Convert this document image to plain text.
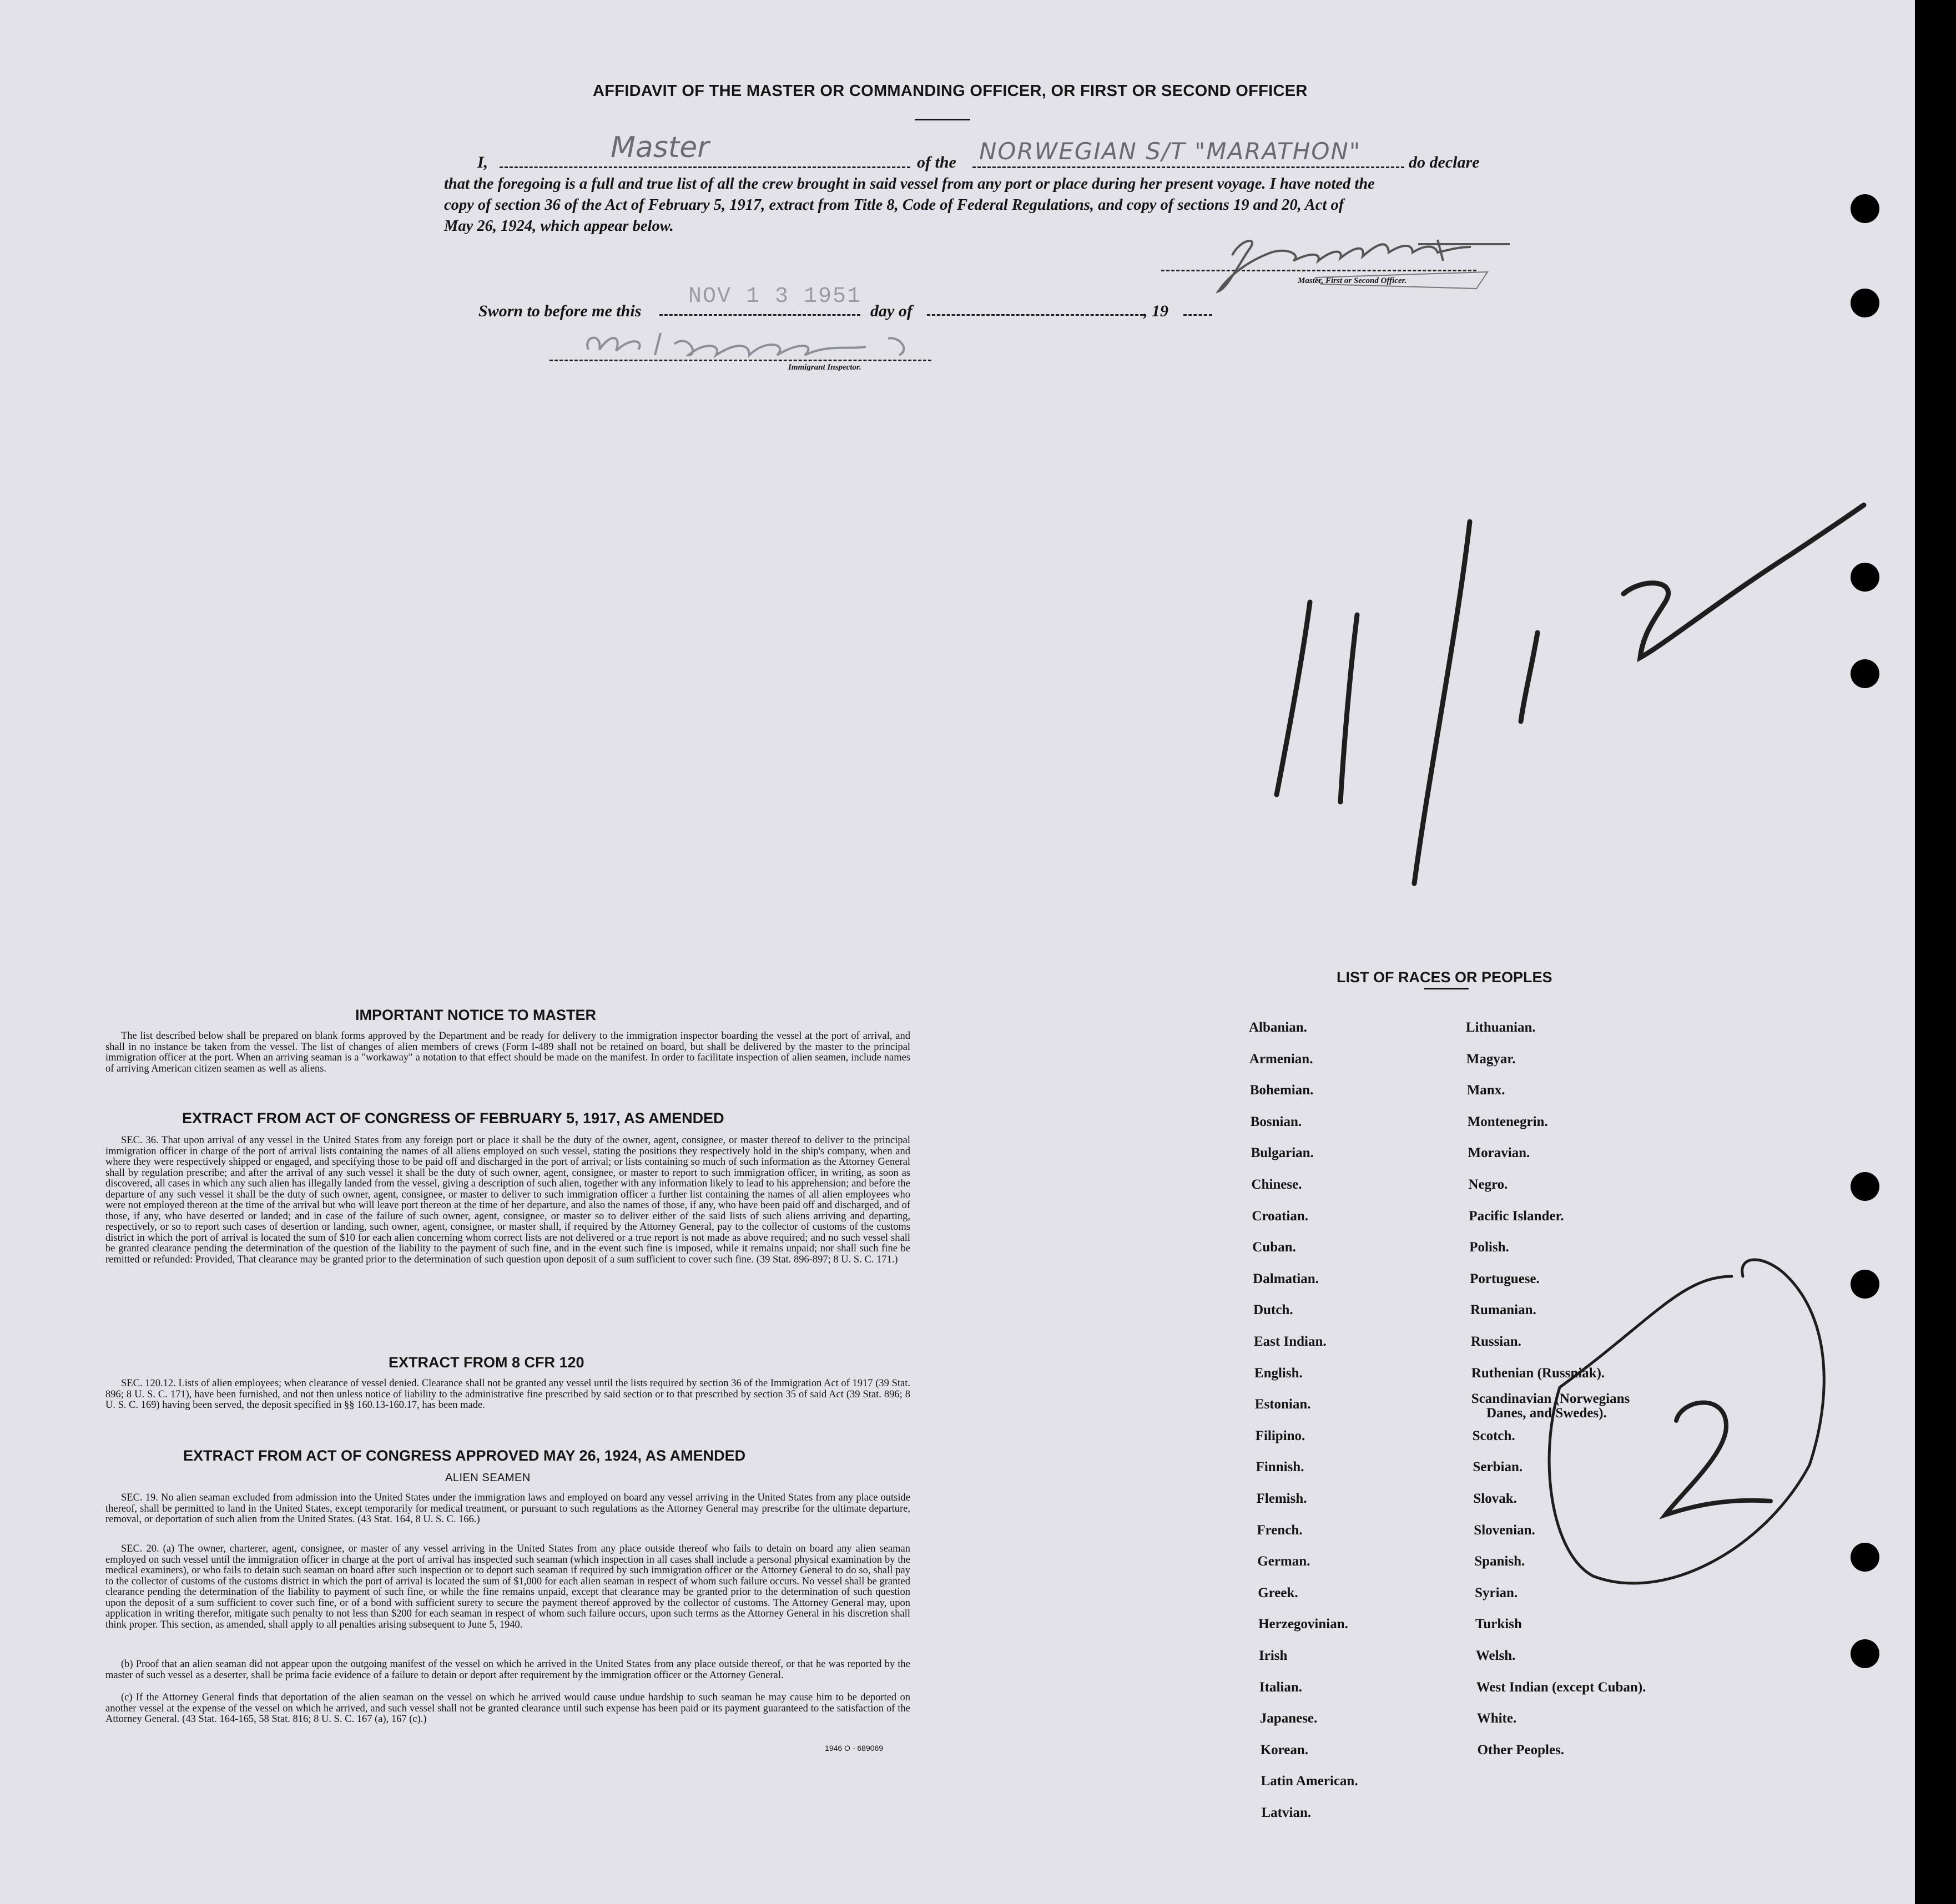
AFFIDAVIT OF THE MASTER OR COMMANDING OFFICER, OR FIRST OR SECOND OFFICER
I,	Master	of the NORWEGIAN S/T "MARATHON"	do declare
that the foregoing is a full and true list of all the crew brought in said vessel from any port or place during her present voyage. I have noted the
copy of section 36 of the Act of February 5, 1917, extract from Title 8, Code of Federal Regulations, and copy of sections 19 and 20, Act of
May 26, 1924, which appear below.
Master, First or Second Officer.
Sworn to before me this
NOV 1 3 1951
day of	, 19
Immigrant Inspector.
IMPORTANT NOTICE TO MASTER

The list described below shall be prepared on blank forms approved by the Department and be ready for delivery to the immigration inspector boarding the vessel at the port of arrival, and shall in no instance be taken from the vessel. The list of changes of alien members of crews (Form I-489 shall not be retained on board, but shall be delivered by the master to the principal immigration officer at the port. When an arriving seaman is a "workaway" a notation to that effect should be made on the manifest. In order to facilitate inspection of alien seamen, include names of arriving American citizen seamen as well as aliens.

EXTRACT FROM ACT OF CONGRESS OF FEBRUARY 5, 1917, AS AMENDED

SEC. 36. That upon arrival of any vessel in the United States from any foreign port or place it shall be the duty of the owner, agent, consignee, or master thereof to deliver to the principal immigration officer in charge of the port of arrival lists containing the names of all aliens employed on such vessel, stating the positions they respectively hold in the ship's company, when and where they were respectively shipped or engaged, and specifying those to be paid off and discharged in the port of arrival; or lists containing so much of such information as the Attorney General shall by regulation prescribe; and after the arrival of any such vessel it shall be the duty of such owner, agent, consignee, or master to report to such immigration officer, in writing, as soon as discovered, all cases in which any such alien has illegally landed from the vessel, giving a description of such alien, together with any information likely to lead to his apprehension; and before the departure of any such vessel it shall be the duty of such owner, agent, consignee, or master to deliver to such immigration officer a further list containing the names of all alien employees who were not employed thereon at the time of the arrival but who will leave port thereon at the time of her departure, and also the names of those, if any, who have been paid off and discharged, and of those, if any, who have deserted or landed; and in case of the failure of such owner, agent, consignee, or master so to deliver either of the said lists of such aliens arriving and departing, respectively, or so to report such cases of desertion or landing, such owner, agent, consignee, or master shall, if required by the Attorney General, pay to the collector of customs of the customs district in which the port of arrival is located the sum of $10 for each alien concerning whom correct lists are not delivered or a true report is not made as above required; and no such vessel shall be granted clearance pending the determination of the question of the liability to the payment of such fine, and in the event such fine is imposed, while it remains unpaid; nor shall such fine be remitted or refunded: Provided, That clearance may be granted prior to the determination of such question upon deposit of a sum sufficient to cover such fine. (39 Stat. 896-897; 8 U. S. C. 171.)

EXTRACT FROM 8 CFR 120

SEC. 120.12. Lists of alien employees; when clearance of vessel denied. Clearance shall not be granted any vessel until the lists required by section 36 of the Immigration Act of 1917 (39 Stat. 896; 8 U. S. C. 171), have been furnished, and not then unless notice of liability to the administrative fine prescribed by said section or to that prescribed by section 35 of said Act (39 Stat. 896; 8 U. S. C. 169) having been served, the deposit specified in §§ 160.13-160.17, has been made.

EXTRACT FROM ACT OF CONGRESS APPROVED MAY 26, 1924, AS AMENDED
ALIEN SEAMEN

SEC. 19. No alien seaman excluded from admission into the United States under the immigration laws and employed on board any vessel arriving in the United States from any place outside thereof, shall be permitted to land in the United States, except temporarily for medical treatment, or pursuant to such regulations as the Attorney General may prescribe for the ultimate departure, removal, or deportation of such alien from the United States. (43 Stat. 164, 8 U. S. C. 166.)

SEC. 20. (a) The owner, charterer, agent, consignee, or master of any vessel arriving in the United States from any place outside thereof who fails to detain on board any alien seaman employed on such vessel until the immigration officer in charge at the port of arrival has inspected such seaman (which inspection in all cases shall include a personal physical examination by the medical examiners), or who fails to detain such seaman on board after such inspection or to deport such seaman if required by such immigration officer or the Attorney General to do so, shall pay to the collector of customs of the customs district in which the port of arrival is located the sum of $1,000 for each alien seaman in respect of whom such failure occurs. No vessel shall be granted clearance pending the determination of the liability to payment of such fine, or while the fine remains unpaid, except that clearance may be granted prior to the determination of such question upon the deposit of a sum sufficient to cover such fine, or of a bond with sufficient surety to secure the payment thereof approved by the collector of customs. The Attorney General may, upon application in writing therefor, mitigate such penalty to not less than $200 for each seaman in respect of whom such failure occurs, upon such terms as the Attorney General in his discretion shall think proper. This section, as amended, shall apply to all penalties arising subsequent to June 5, 1940.

(b) Proof that an alien seaman did not appear upon the outgoing manifest of the vessel on which he arrived in the United States from any place outside thereof, or that he was reported by the master of such vessel as a deserter, shall be prima facie evidence of a failure to detain or deport after requirement by the immigration officer or the Attorney General.

(c) If the Attorney General finds that deportation of the alien seaman on the vessel on which he arrived would cause undue hardship to such seaman he may cause him to be deported on another vessel at the expense of the vessel on which he arrived, and such vessel shall not be granted clearance until such expense has been paid or its payment guaranteed to the satisfaction of the Attorney General. (43 Stat. 164-165, 58 Stat. 816; 8 U. S. C. 167 (a), 167 (c).)

1946 O - 689069
LIST OF RACES OR PEOPLES
Albanian.
Armenian.
Bohemian.
Bosnian.
Bulgarian.
Chinese.
Croatian.
Cuban.
Dalmatian.
Dutch.
East Indian.
English.
Estonian.
Filipino.
Finnish.
Flemish.
French.
German.
Greek.
Herzegovinian.
Irish
Italian.
Japanese.
Korean.
Latin American.
Latvian.
Lithuanian.
Magyar.
Manx.
Montenegrin.
Moravian.
Negro.
Pacific Islander.
Polish.
Portuguese.
Rumanian.
Russian.
Ruthenian (Russniak).
Scandinavian (Norwegians
Danes, and Swedes).
Scotch.
Serbian.
Slovak.
Slovenian.
Spanish.
Syrian.
Turkish
Welsh.
West Indian (except Cuban).
White.
Other Peoples.
